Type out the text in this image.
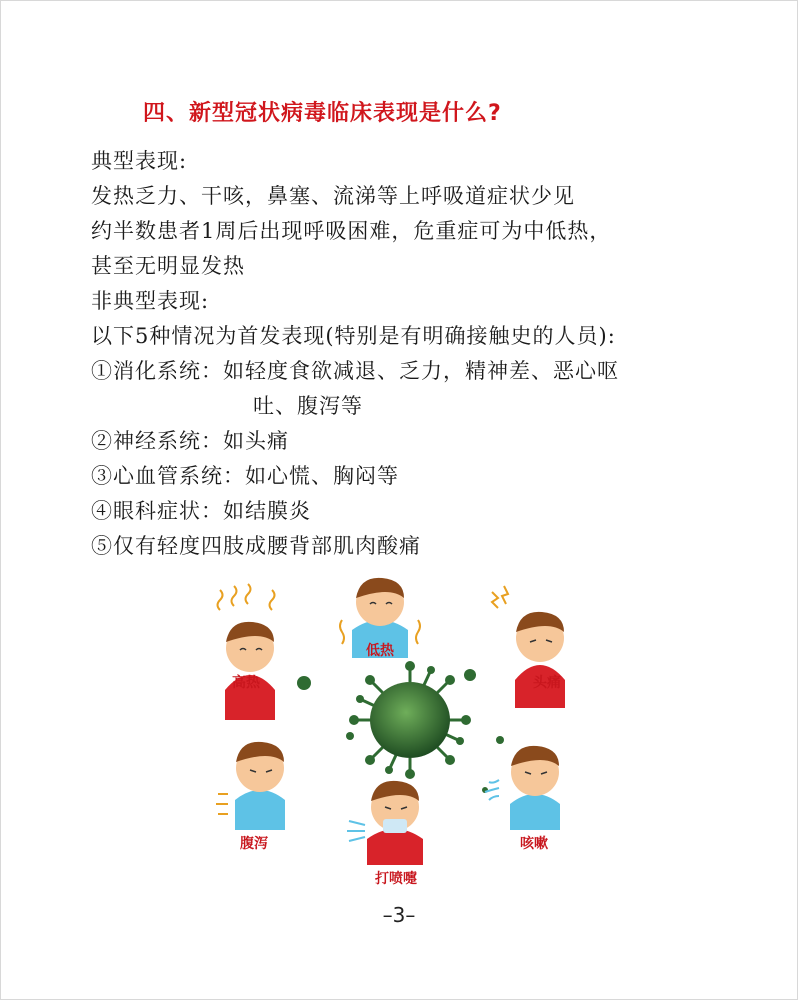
四、新型冠状病毒临床表现是什么?
典型表现:
发热乏力、干咳，鼻塞、流涕等上呼吸道症状少见
约半数患者1周后出现呼吸困难，危重症可为中低热，
甚至无明显发热
非典型表现:
以下5种情况为首发表现(特别是有明确接触史的人员):
①消化系统：如轻度食欲减退、乏力，精神差、恶心呕
吐、腹泻等
②神经系统：如头痛
③心血管系统：如心慌、胸闷等
④眼科症状：如结膜炎
⑤仅有轻度四肢成腰背部肌肉酸痛
高热
低热
头痛
腹泻
打喷嚏
咳嗽
–3–
